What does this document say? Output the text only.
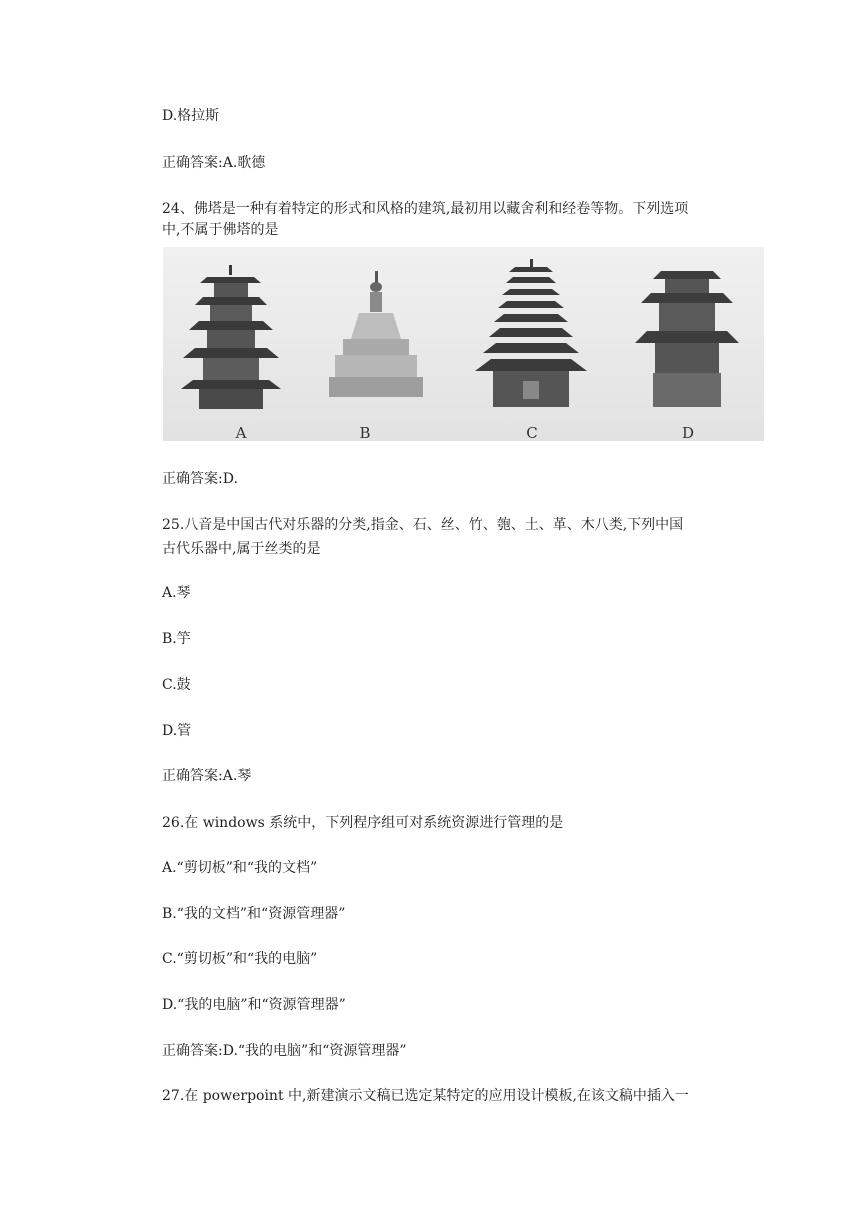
D.格拉斯

正确答案:A.歌德

24、佛塔是一种有着特定的形式和风格的建筑,最初用以藏舍利和经卷等物。下列选项

中,不属于佛塔的是

A	B	C	D

正确答案:D.

25.八音是中国古代对乐器的分类,指金、石、丝、竹、匏、土、革、木八类,下列中国

古代乐器中,属于丝类的是

A.琴

B.竽

C.鼓

D.管

正确答案:A.琴

26.在 windows 系统中，下列程序组可对系统资源进行管理的是

A.“剪切板”和“我的文档”

B.“我的文档”和“资源管理器”

C.“剪切板”和“我的电脑”

D.“我的电脑”和“资源管理器”

正确答案:D.“我的电脑”和“资源管理器”

27.在 powerpoint 中,新建演示文稿已选定某特定的应用设计模板,在该文稿中插入一
